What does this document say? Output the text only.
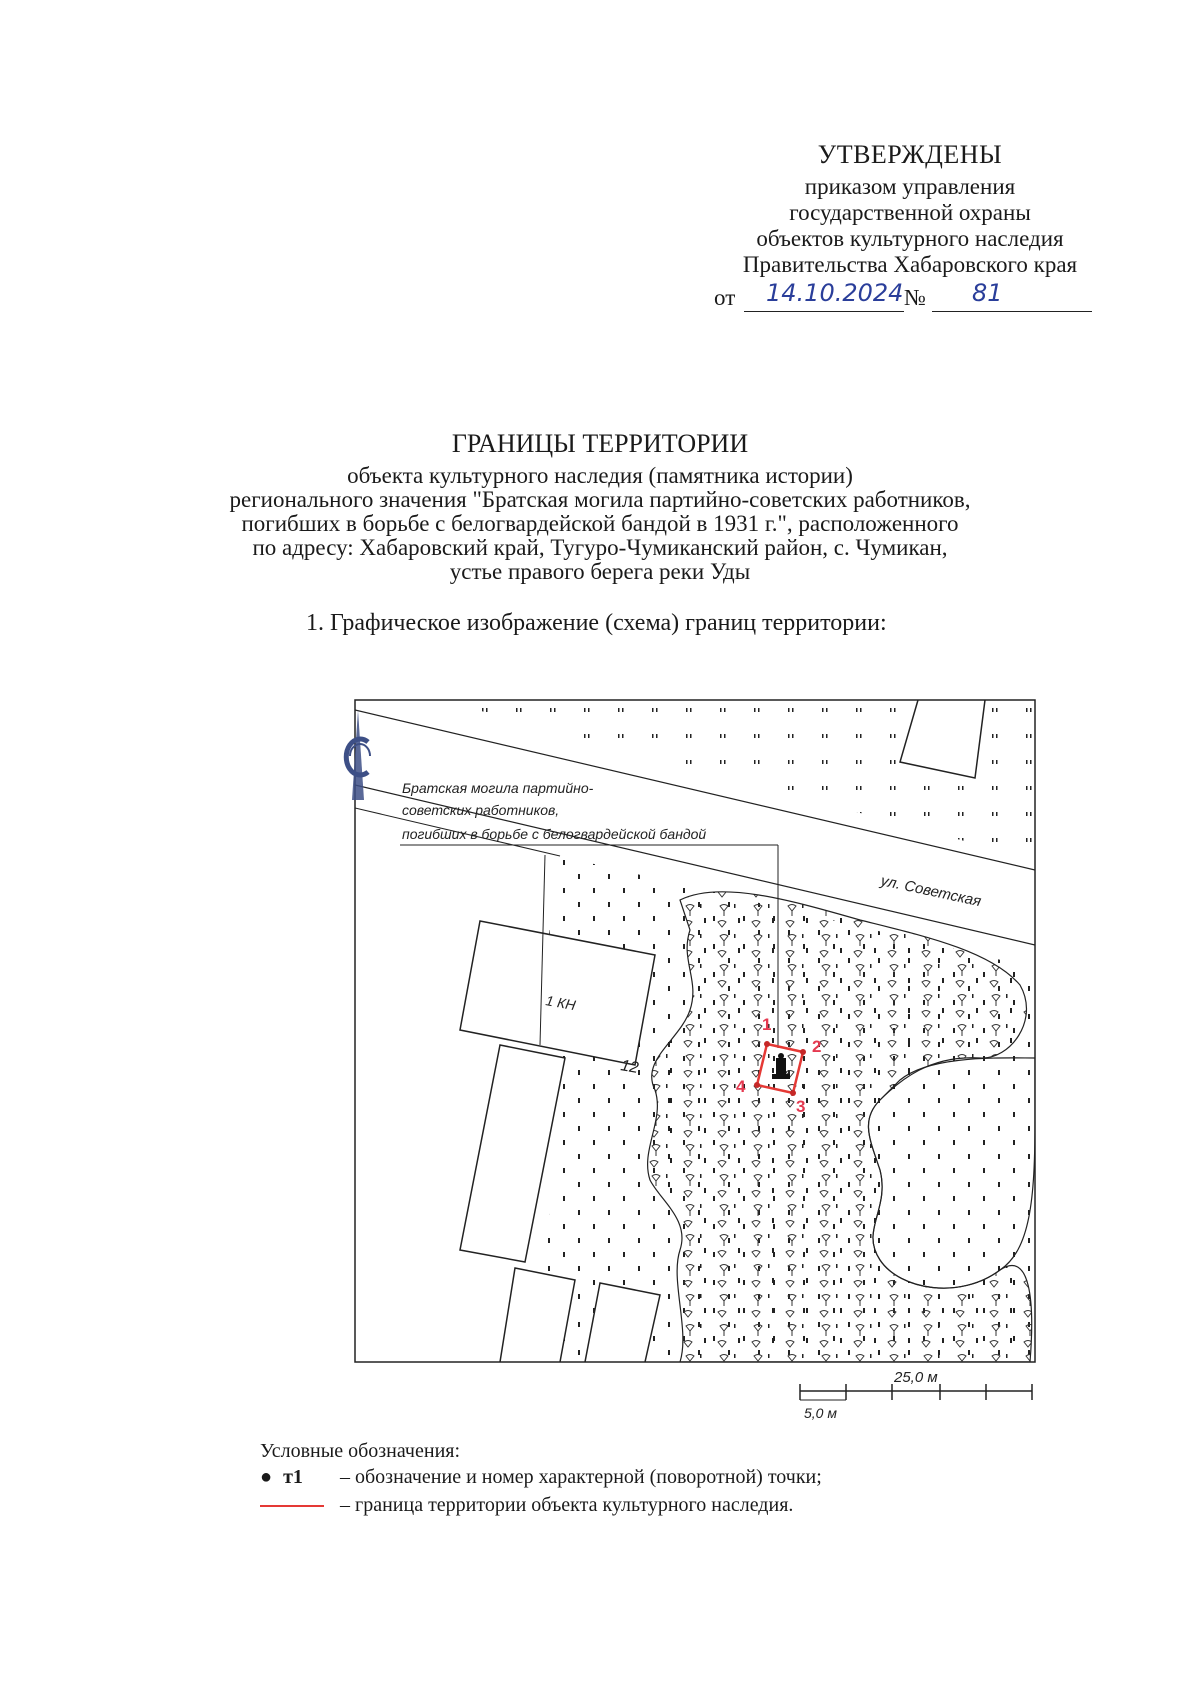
УТВЕРЖДЕНЫ
приказом управления
государственной охраны
объектов культурного наследия
Правительства Хабаровского края
от 14.10.2024 № 81
ГРАНИЦЫ ТЕРРИТОРИИ
объекта культурного наследия (памятника истории)
регионального значения "Братская могила партийно-советских работников,
погибших в борьбе с белогвардейской бандой в 1931 г.", расположенного
по адресу: Хабаровский край, Тугуро-Чумиканский район, с. Чумикан,
устье правого берега реки Уды
1. Графическое изображение (схема) границ территории:
Братская могила партийно-
советских работников,
погибших в борьбе с белогвардейской бандой
ул. Советская
1 КН
12
1
2
3
4
25,0 м
5,0 м
Условные обозначения:
● т1	– обозначение и номер характерной (поворотной) точки;
– граница территории объекта культурного наследия.
